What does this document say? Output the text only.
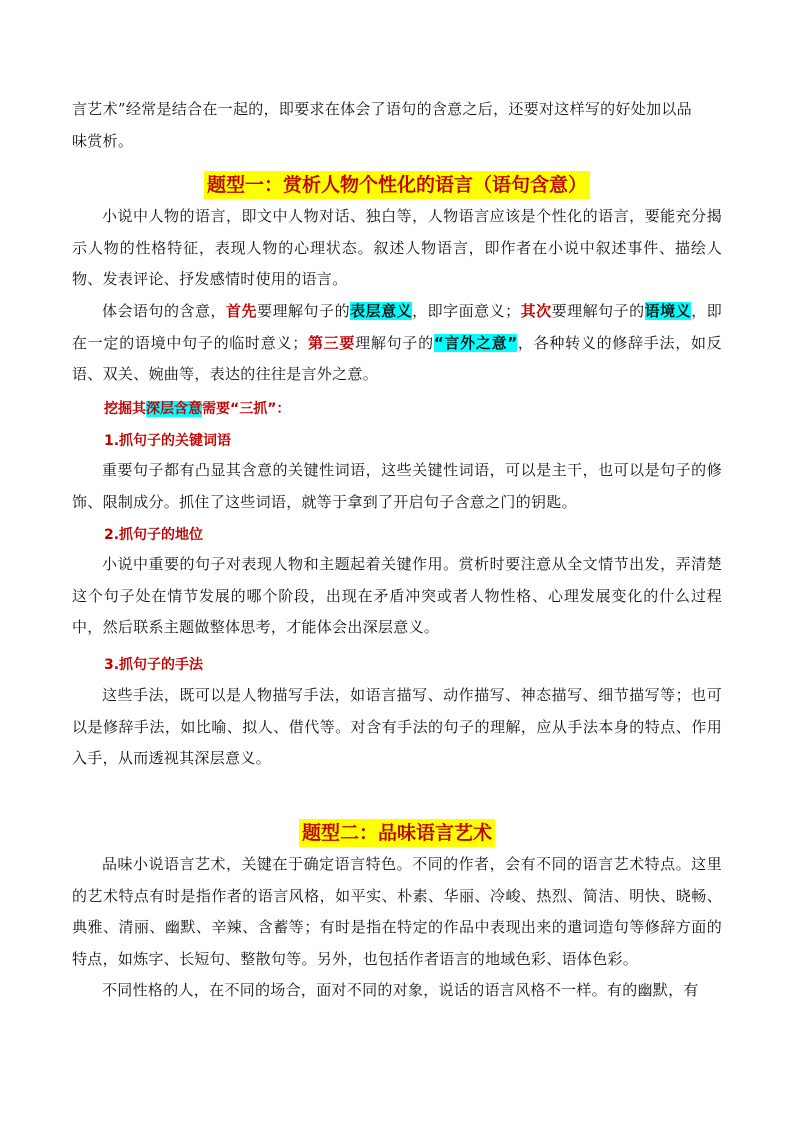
言艺术”经常是结合在一起的，即要求在体会了语句的含意之后，还要对这样写的好处加以品
味赏析。

题型一：赏析人物个性化的语言（语句含意）

小说中人物的语言，即文中人物对话、独白等，人物语言应该是个性化的语言，要能充分揭示人物的性格特征，表现人物的心理状态。叙述人物语言，即作者在小说中叙述事件、描绘人物、发表评论、抒发感情时使用的语言。

体会语句的含意，首先要理解句子的表层意义，即字面意义；其次要理解句子的语境义，即在一定的语境中句子的临时意义；第三要理解句子的“言外之意”，各种转义的修辞手法，如反语、双关、婉曲等，表达的往往是言外之意。

挖掘其深层含意需要“三抓”：
1.抓句子的关键词语

重要句子都有凸显其含意的关键性词语，这些关键性词语，可以是主干，也可以是句子的修饰、限制成分。抓住了这些词语，就等于拿到了开启句子含意之门的钥匙。

2.抓句子的地位

小说中重要的句子对表现人物和主题起着关键作用。赏析时要注意从全文情节出发，弄清楚这个句子处在情节发展的哪个阶段，出现在矛盾冲突或者人物性格、心理发展变化的什么过程中，然后联系主题做整体思考，才能体会出深层意义。

3.抓句子的手法

这些手法，既可以是人物描写手法，如语言描写、动作描写、神态描写、细节描写等；也可以是修辞手法，如比喻、拟人、借代等。对含有手法的句子的理解，应从手法本身的特点、作用入手，从而透视其深层意义。

题型二：品味语言艺术

品味小说语言艺术，关键在于确定语言特色。不同的作者，会有不同的语言艺术特点。这里的艺术特点有时是指作者的语言风格，如平实、朴素、华丽、冷峻、热烈、简洁、明快、晓畅、典雅、清丽、幽默、辛辣、含蓄等；有时是指在特定的作品中表现出来的遣词造句等修辞方面的特点，如炼字、长短句、整散句等。另外，也包括作者语言的地域色彩、语体色彩。

不同性格的人，在不同的场合，面对不同的对象，说话的语言风格不一样。有的幽默，有
